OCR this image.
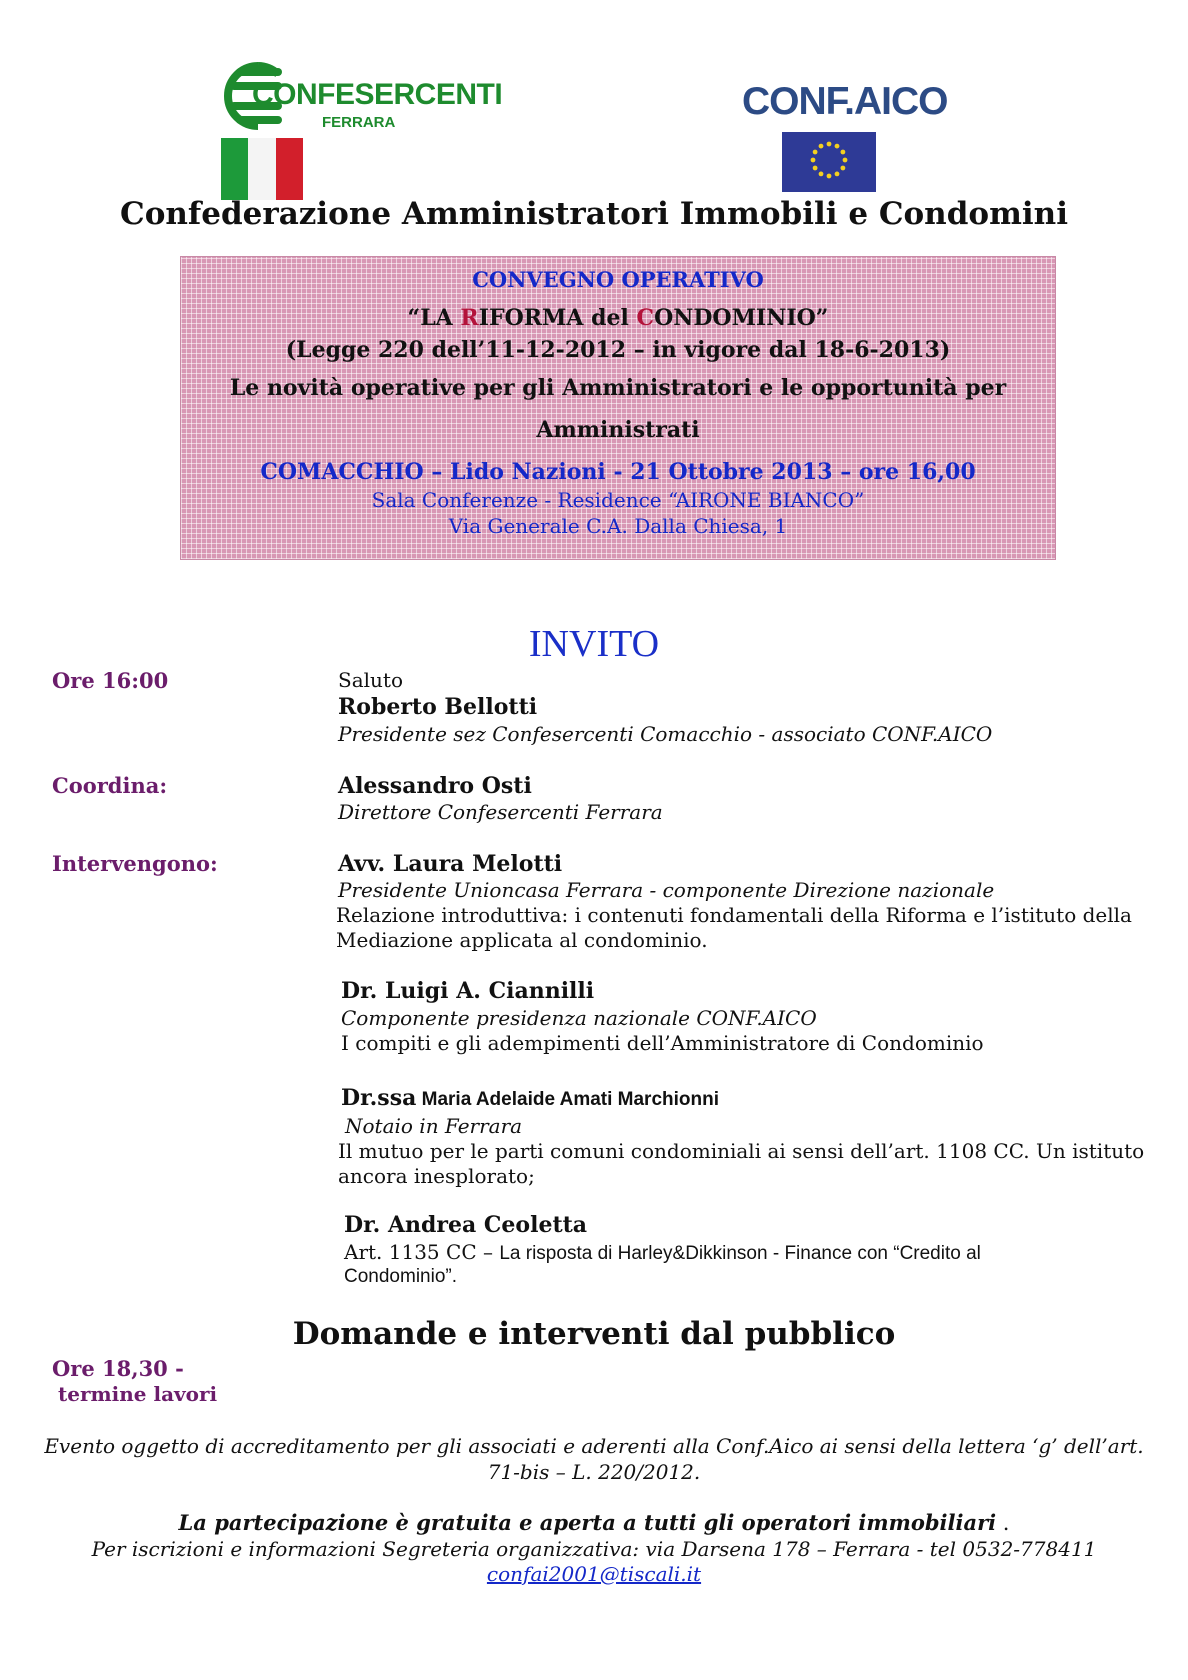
CONFESERCENTI
FERRARA	CONF.AICO
Confederazione Amministratori Immobili e Condomini
CONVEGNO OPERATIVO
“LA RIFORMA del CONDOMINIO”
(Legge 220 dell’11-12-2012 – in vigore dal 18-6-2013)
Le novità operative per gli Amministratori e le opportunità per
Amministrati
COMACCHIO – Lido Nazioni - 21 Ottobre 2013 – ore 16,00
Sala Conferenze - Residence “AIRONE BIANCO”
Via Generale C.A. Dalla Chiesa, 1
INVITO
Ore 16:00	Saluto
Roberto Bellotti
Presidente sez Confesercenti Comacchio - associato CONF.AICO
Coordina:	Alessandro Osti
Direttore Confesercenti Ferrara
Intervengono:	Avv. Laura Melotti
Presidente Unioncasa Ferrara - componente Direzione nazionale
Relazione introduttiva: i contenuti fondamentali della Riforma e l’istituto della
Mediazione applicata al condominio.
Dr. Luigi A. Ciannilli
Componente presidenza nazionale CONF.AICO
I compiti e gli adempimenti dell’Amministratore di Condominio
Dr.ssa Maria Adelaide Amati Marchionni
Notaio in Ferrara
Il mutuo per le parti comuni condominiali ai sensi dell’art. 1108 CC. Un istituto
ancora inesplorato;
Dr. Andrea Ceoletta
Art. 1135 CC – La risposta di Harley&Dikkinson - Finance con “Credito al
Condominio”.
Domande e interventi dal pubblico
Ore 18,30 -
termine lavori
Evento oggetto di accreditamento per gli associati e aderenti alla Conf.Aico ai sensi della lettera ‘g’ dell’art.
71-bis – L. 220/2012.
La partecipazione è gratuita e aperta a tutti gli operatori immobiliari .
Per iscrizioni e informazioni Segreteria organizzativa: via Darsena 178 – Ferrara - tel 0532-778411
confai2001@tiscali.it
